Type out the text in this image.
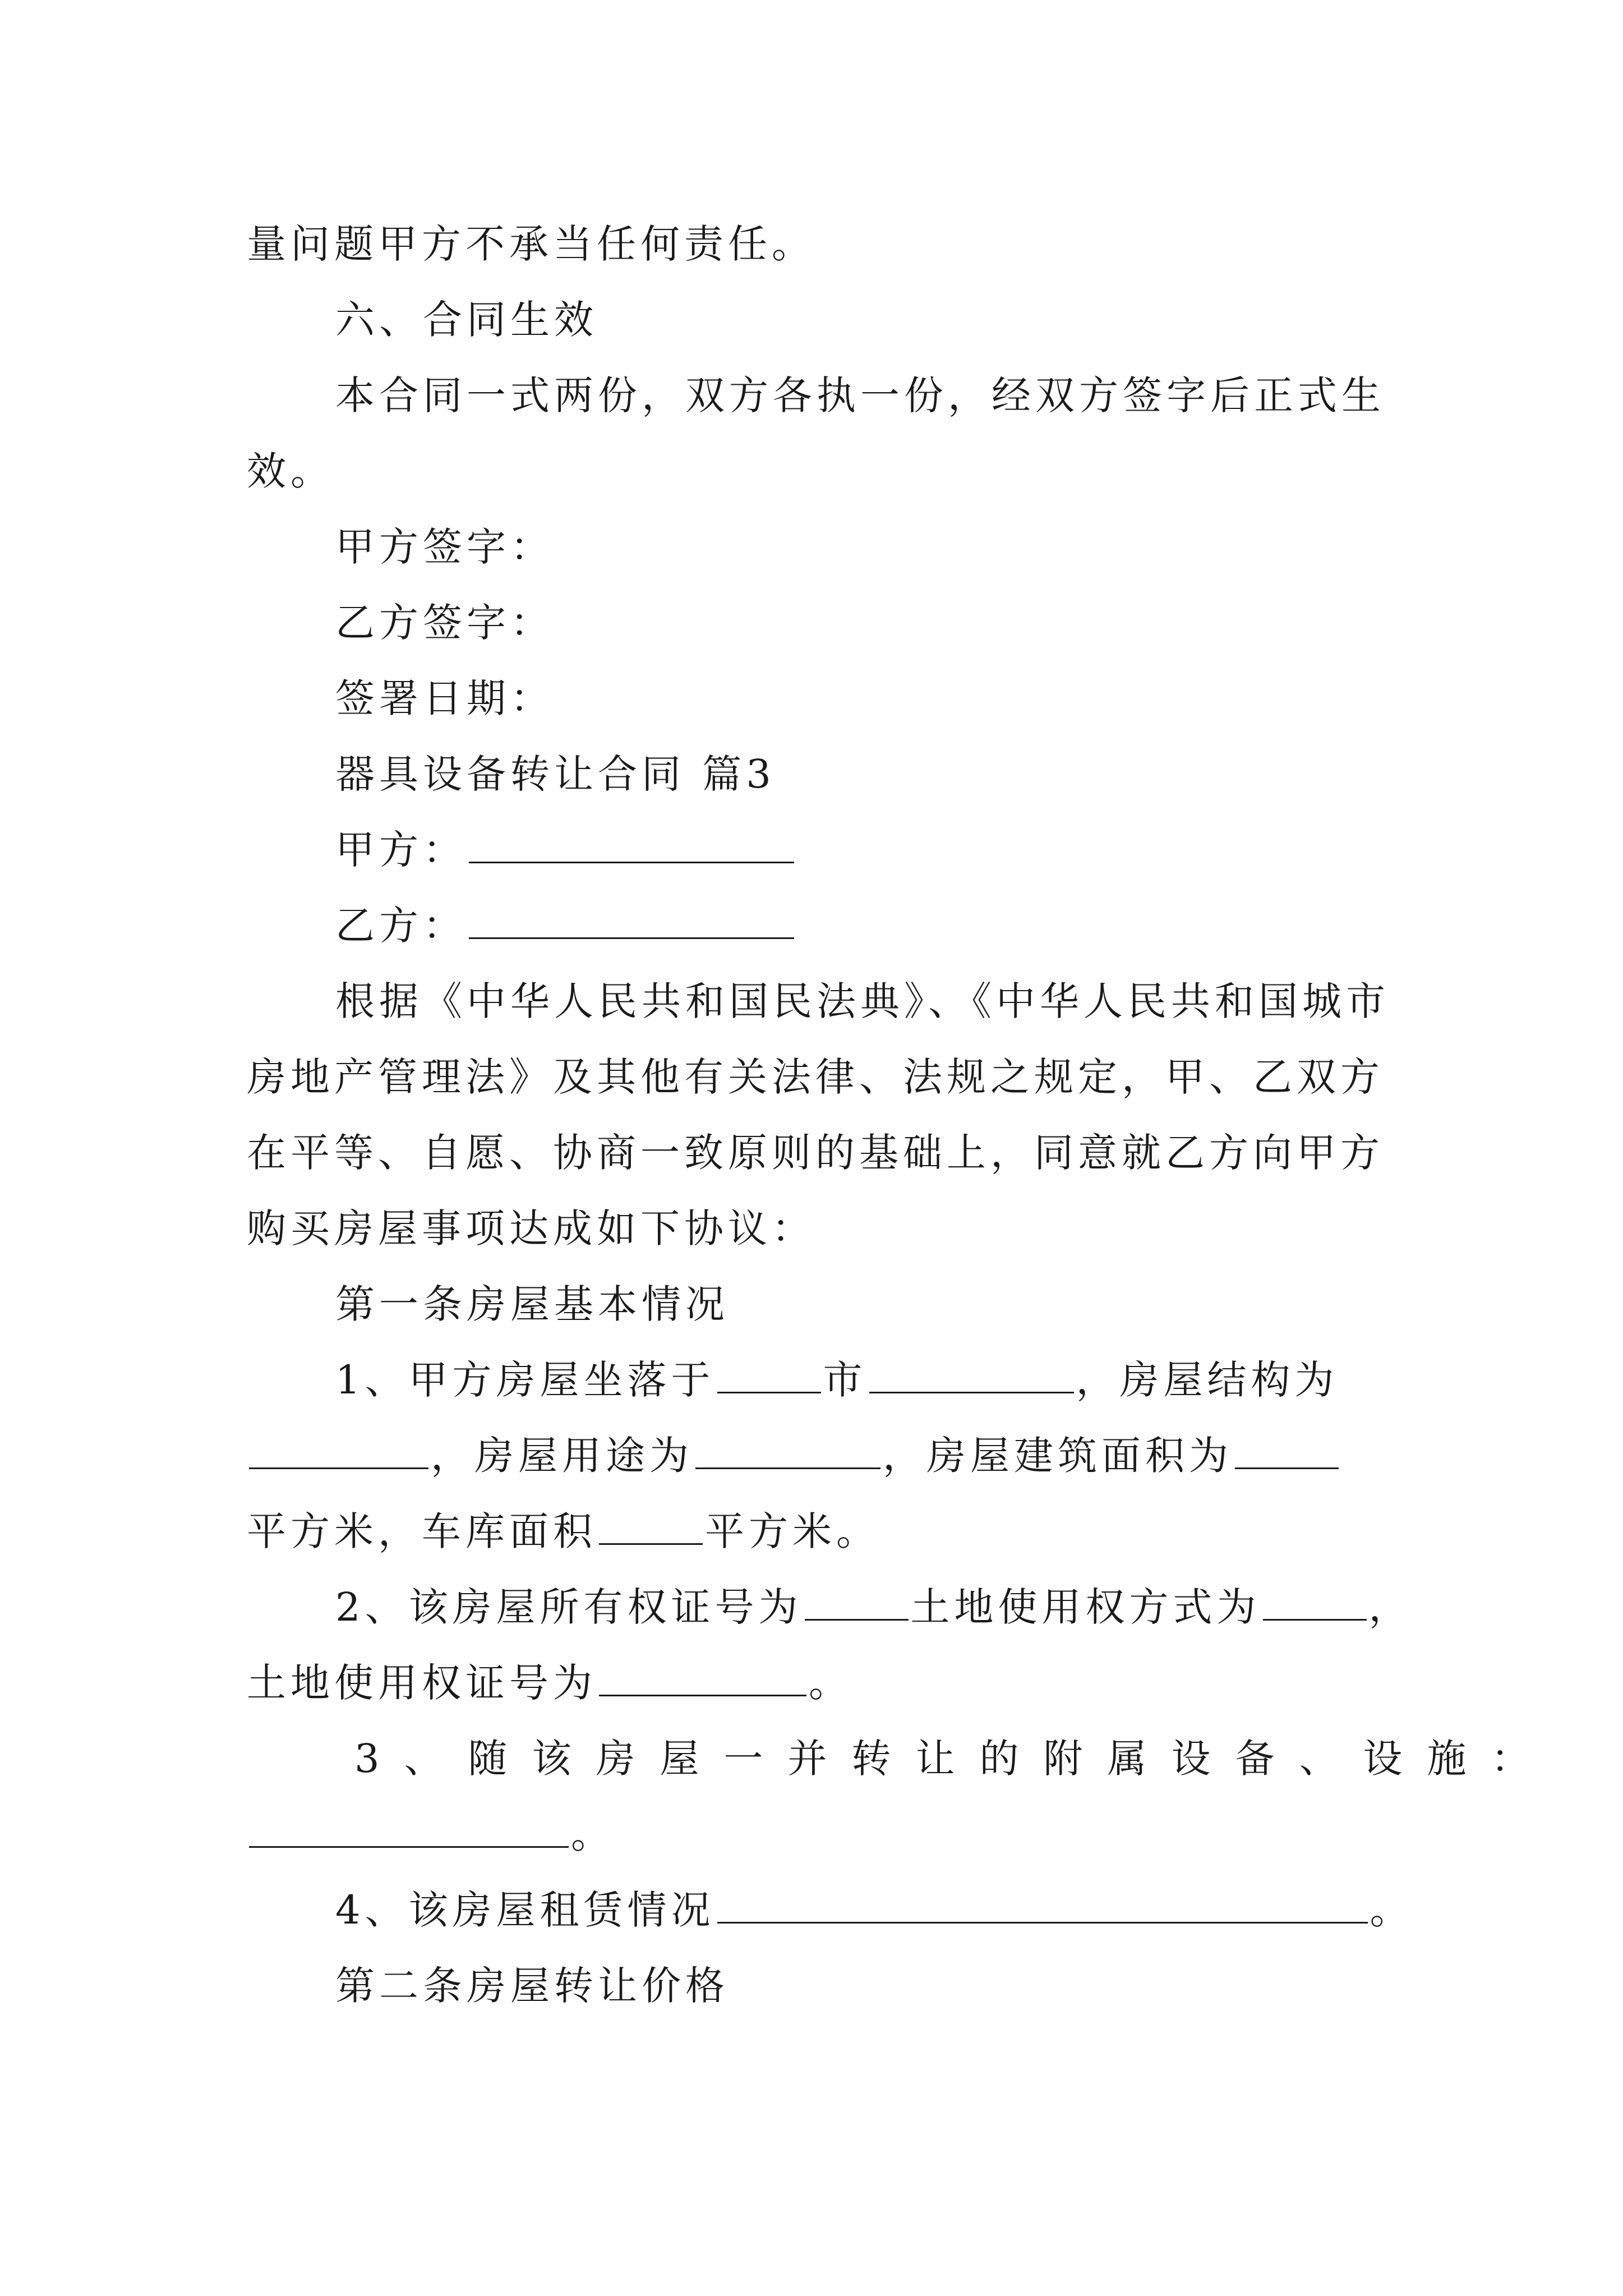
量问题甲方不承当任何责任。
六、合同生效
本合同一式两份，双方各执一份，经双方签字后正式生
效。
甲方签字：
乙方签字：
签署日期：
器具设备转让合同 篇3
甲方：
乙方：
根据《中华人民共和国民法典》、《中华人民共和国城市
房地产管理法》及其他有关法律、法规之规定，甲、乙双方
在平等、自愿、协商一致原则的基础上，同意就乙方向甲方
购买房屋事项达成如下协议：
第一条房屋基本情况
1、甲方房屋坐落于	市	，房屋结构为
，房屋用途为	，房屋建筑面积为
平方米，车库面积	平方米。
2、该房屋所有权证号为	土地使用权方式为	，
土地使用权证号为	。
3、随该房屋一并转让的附属设备、设施：
。
4、该房屋租赁情况	。
第二条房屋转让价格
